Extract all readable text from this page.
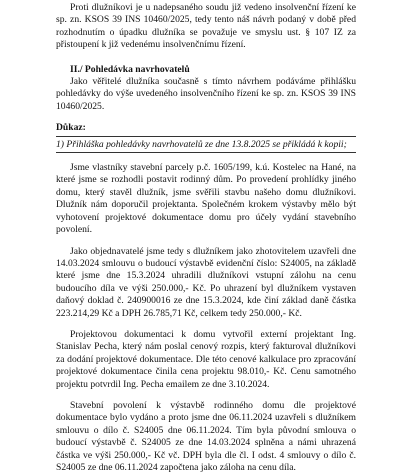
Proti dlužníkovi je u nadepsaného soudu již vedeno insolvenční řízení ke sp. zn. KSOS 39 INS 10460/2025, tedy tento náš návrh podaný v době před rozhodnutím o úpadku dlužníka se považuje ve smyslu ust. § 107 IZ za přistoupení k již vedenému insolvenčnímu řízení.

II./ Pohledávka navrhovatelů

Jako věřitelé dlužníka současně s tímto návrhem podáváme přihlášku pohledávky do výše uvedeného insolvenčního řízení ke sp. zn. KSOS 39 INS 10460/2025.

Důkaz:

1) Přihláška pohledávky navrhovatelů ze dne 13.8.2025 se přikládá k kopii;

Jsme vlastníky stavební parcely p.č. 1605/199, k.ú. Kostelec na Hané, na které jsme se rozhodli postavit rodinný dům. Po provedení prohlídky jiného domu, který stavěl dlužník, jsme svěřili stavbu našeho domu dlužníkovi. Dlužník nám doporučil projektanta. Společném krokem výstavby mělo být vyhotovení projektové dokumentace domu pro účely vydání stavebního povolení.

Jako objednavatelé jsme tedy s dlužníkem jako zhotovitelem uzavřeli dne 14.03.2024 smlouvu o budoucí výstavbě evidenční číslo: S24005, na základě které jsme dne 15.3.2024 uhradili dlužníkovi vstupní zálohu na cenu budoucího díla ve výši 250.000,- Kč. Po uhrazení byl dlužníkem vystaven daňový doklad č. 240900016 ze dne 15.3.2024, kde činí základ daně částka 223.214,29 Kč a DPH 26.785,71 Kč, celkem tedy 250.000,- Kč.

Projektovou dokumentaci k domu vytvořil externí projektant Ing. Stanislav Pecha, který nám poslal cenový rozpis, který fakturoval dlužníkovi za dodání projektové dokumentace. Dle této cenové kalkulace pro zpracování projektové dokumentace činila cena projektu 98.010,- Kč. Cenu samotného projektu potvrdil Ing. Pecha emailem ze dne 3.10.2024.

Stavební povolení k výstavbě rodinného domu dle projektové dokumentace bylo vydáno a proto jsme dne 06.11.2024 uzavřeli s dlužníkem smlouvu o dílo č. S24005 dne 06.11.2024. Tím byla původní smlouva o budoucí výstavbě č. S24005 ze dne 14.03.2024 splněna a námi uhrazená částka ve výši 250.000,- Kč vč. DPH byla dle čl. I odst. 4 smlouvy o dílo č. S24005 ze dne 06.11.2024 započtena jako záloha na cenu díla.
